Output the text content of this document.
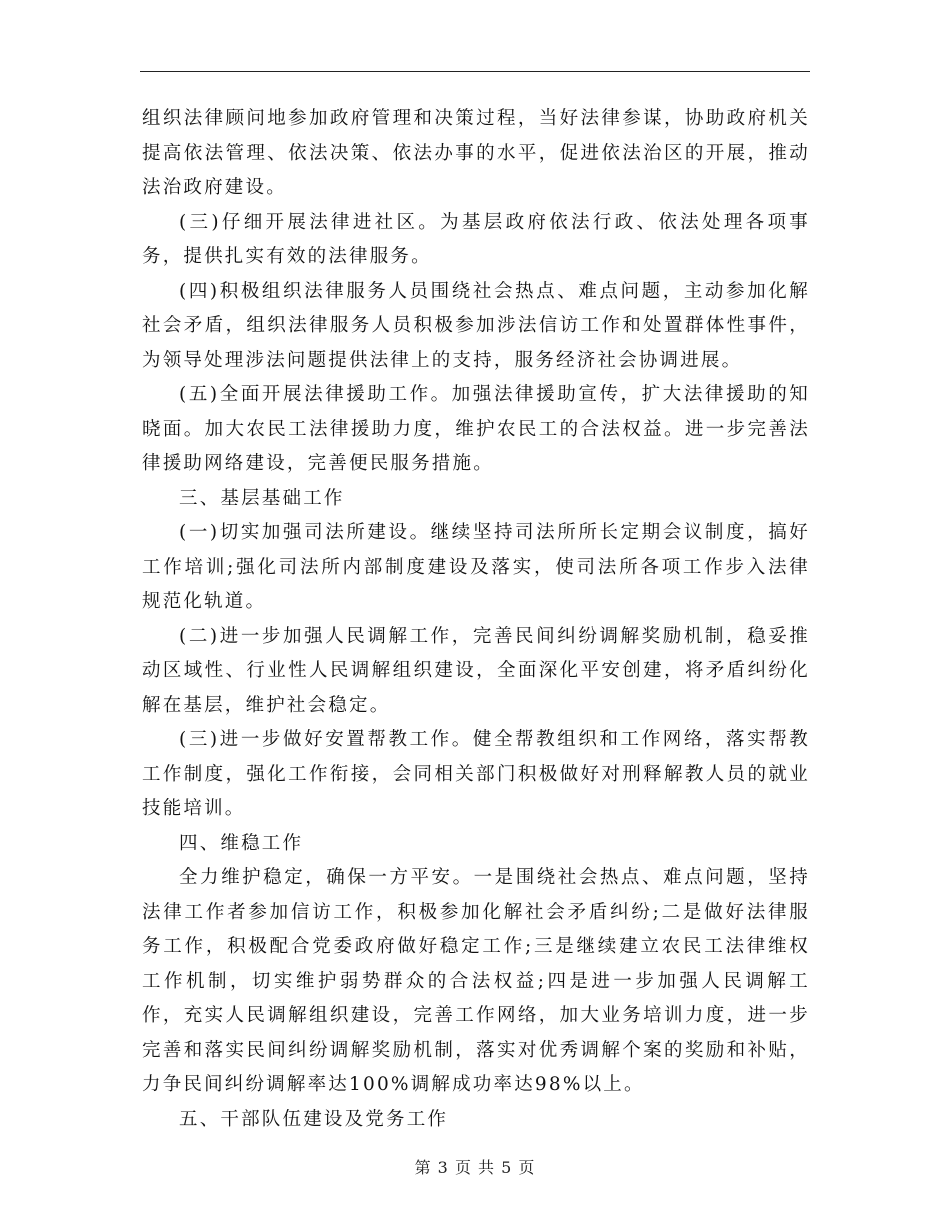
组织法律顾问地参加政府管理和决策过程，当好法律参谋，协助政府机关提高依法管理、依法决策、依法办事的水平，促进依法治区的开展，推动法治政府建设。

(三)仔细开展法律进社区。为基层政府依法行政、依法处理各项事务，提供扎实有效的法律服务。

(四)积极组织法律服务人员围绕社会热点、难点问题，主动参加化解社会矛盾，组织法律服务人员积极参加涉法信访工作和处置群体性事件，为领导处理涉法问题提供法律上的支持，服务经济社会协调进展。

(五)全面开展法律援助工作。加强法律援助宣传，扩大法律援助的知晓面。加大农民工法律援助力度，维护农民工的合法权益。进一步完善法律援助网络建设，完善便民服务措施。

三、基层基础工作

(一)切实加强司法所建设。继续坚持司法所所长定期会议制度，搞好工作培训;强化司法所内部制度建设及落实，使司法所各项工作步入法律规范化轨道。

(二)进一步加强人民调解工作，完善民间纠纷调解奖励机制，稳妥推动区域性、行业性人民调解组织建设，全面深化平安创建，将矛盾纠纷化解在基层，维护社会稳定。

(三)进一步做好安置帮教工作。健全帮教组织和工作网络，落实帮教工作制度，强化工作衔接，会同相关部门积极做好对刑释解教人员的就业技能培训。

四、维稳工作

全力维护稳定，确保一方平安。一是围绕社会热点、难点问题，坚持法律工作者参加信访工作，积极参加化解社会矛盾纠纷;二是做好法律服务工作，积极配合党委政府做好稳定工作;三是继续建立农民工法律维权工作机制，切实维护弱势群众的合法权益;四是进一步加强人民调解工作，充实人民调解组织建设，完善工作网络，加大业务培训力度，进一步完善和落实民间纠纷调解奖励机制，落实对优秀调解个案的奖励和补贴，力争民间纠纷调解率达100%调解成功率达98%以上。

五、干部队伍建设及党务工作

第 3 页 共 5 页
